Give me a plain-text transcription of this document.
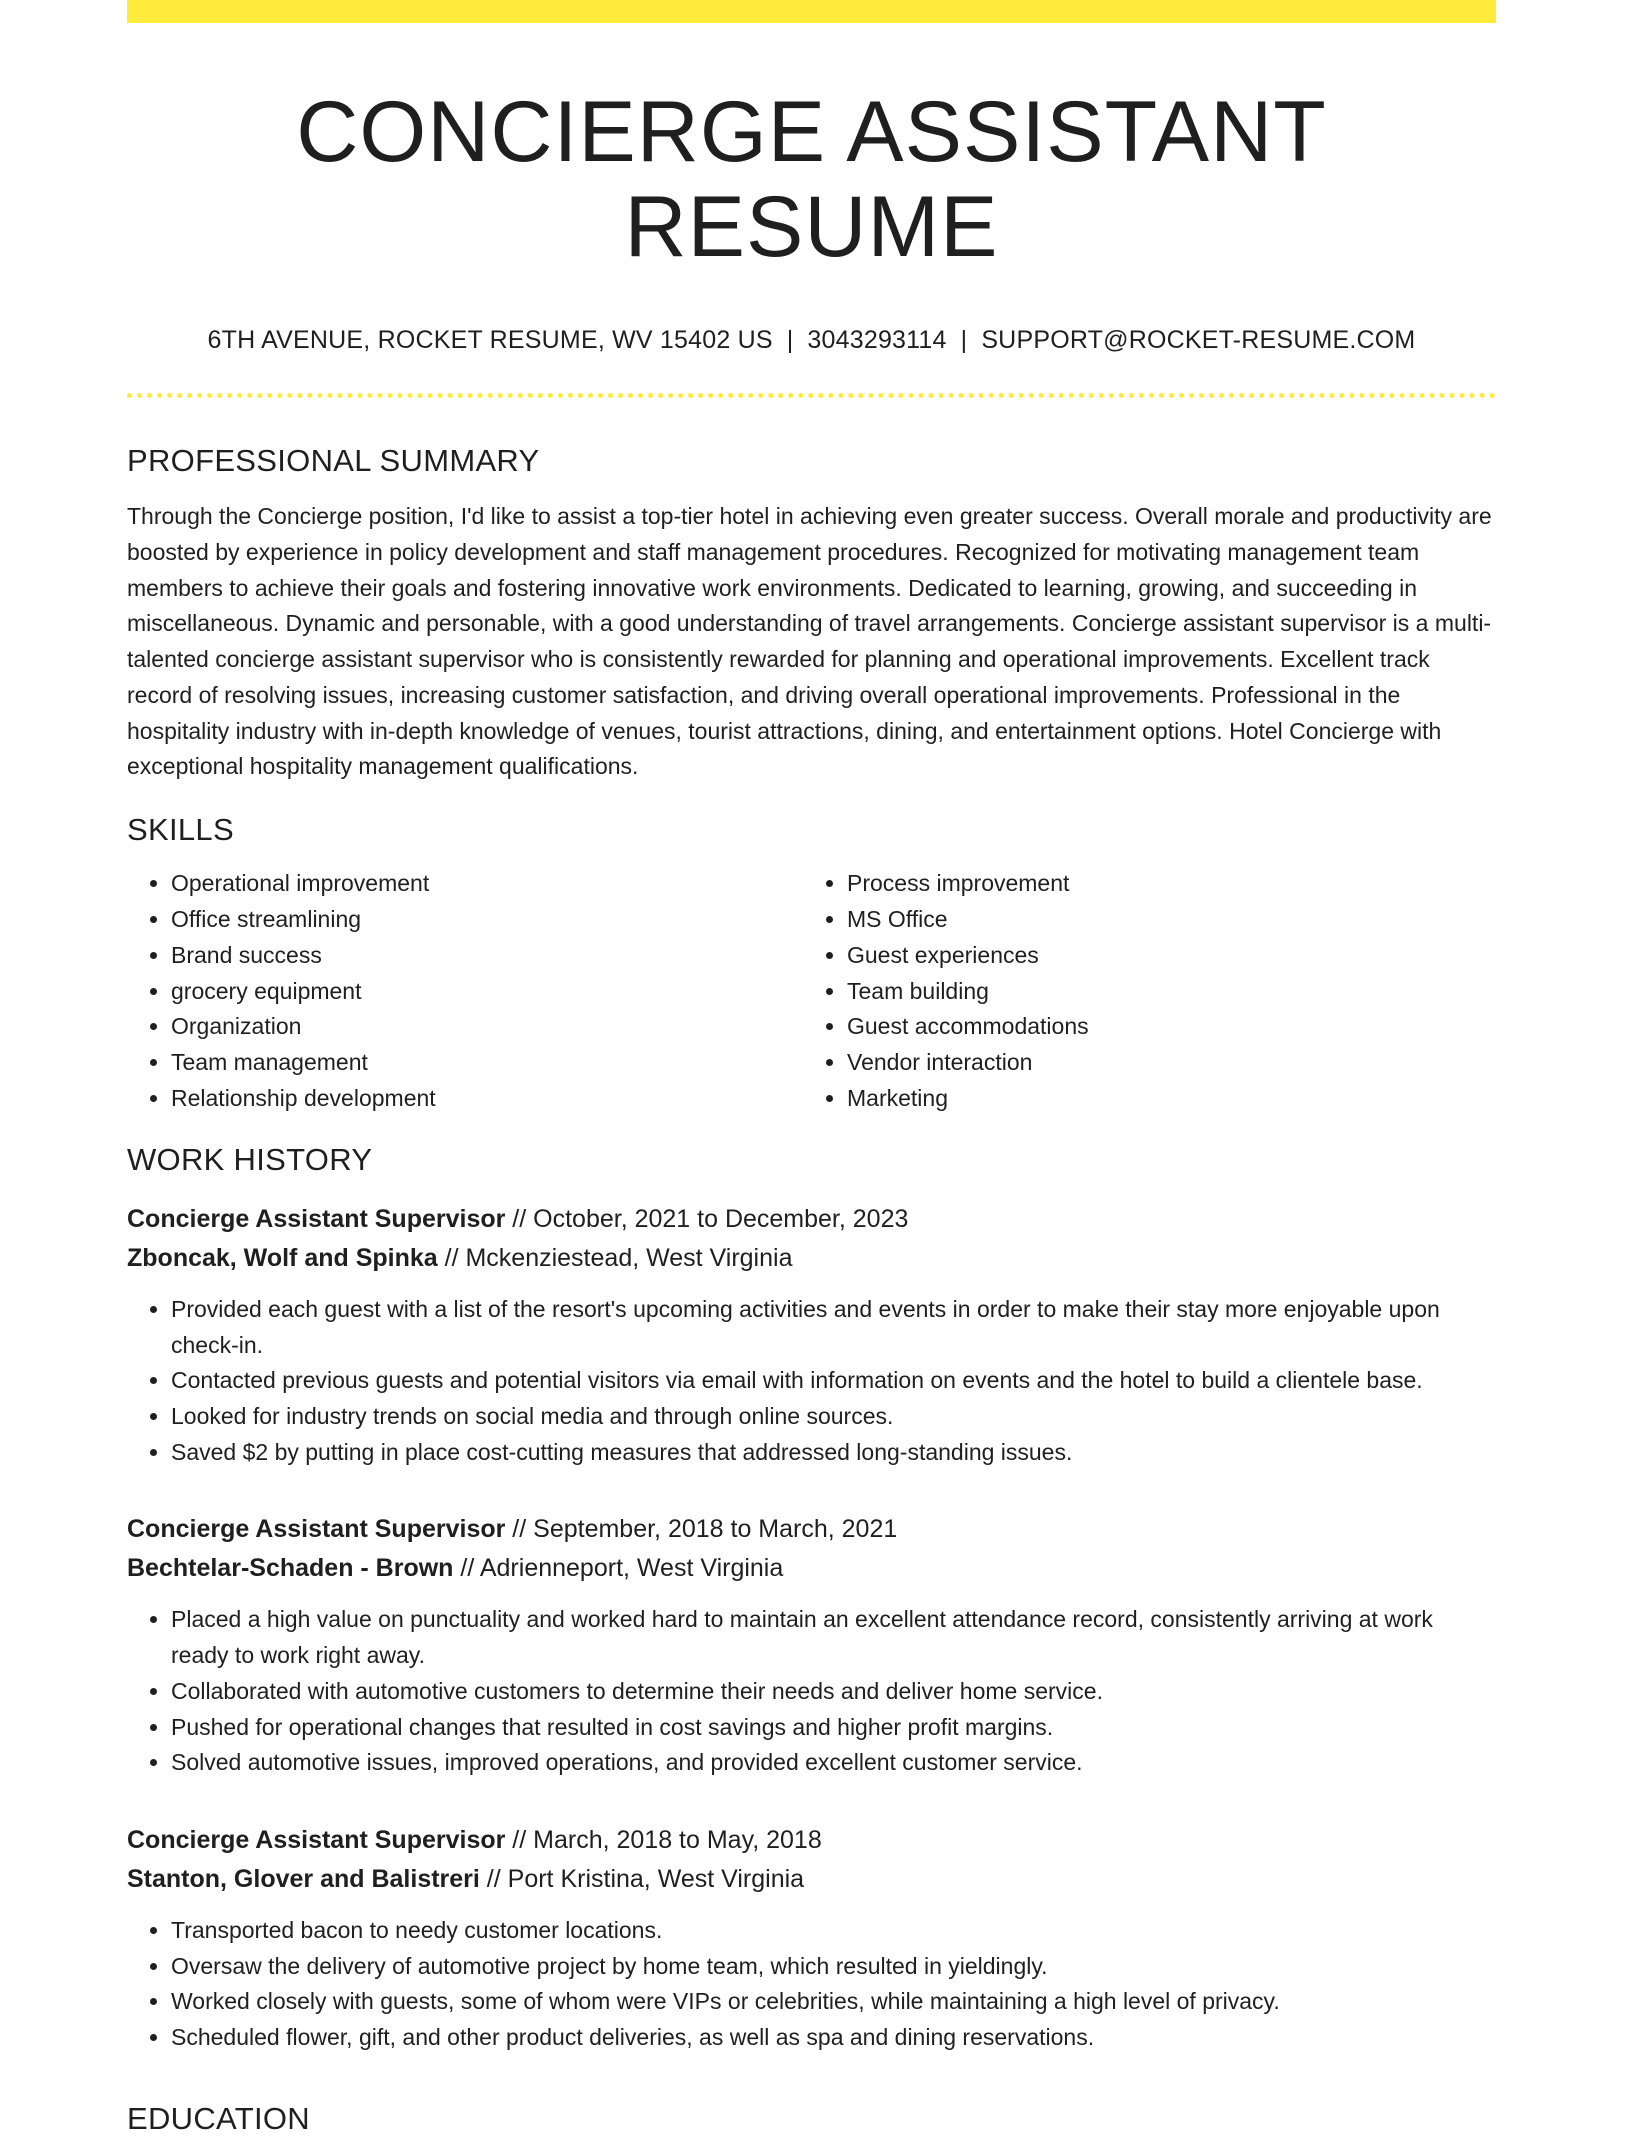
CONCIERGE ASSISTANT RESUME
6TH AVENUE, ROCKET RESUME, WV 15402 US | 3043293114 | SUPPORT@ROCKET-RESUME.COM
PROFESSIONAL SUMMARY

Through the Concierge position, I'd like to assist a top-tier hotel in achieving even greater success. Overall morale and productivity are boosted by experience in policy development and staff management procedures. Recognized for motivating management team members to achieve their goals and fostering innovative work environments. Dedicated to learning, growing, and succeeding in miscellaneous. Dynamic and personable, with a good understanding of travel arrangements. Concierge assistant supervisor is a multi-talented concierge assistant supervisor who is consistently rewarded for planning and operational improvements. Excellent track record of resolving issues, increasing customer satisfaction, and driving overall operational improvements. Professional in the hospitality industry with in-depth knowledge of venues, tourist attractions, dining, and entertainment options. Hotel Concierge with exceptional hospitality management qualifications.

SKILLS
• Operational improvement
• Office streamlining
• Brand success
• grocery equipment
• Organization
• Team management
• Relationship development
• Process improvement
• MS Office
• Guest experiences
• Team building
• Guest accommodations
• Vendor interaction
• Marketing
WORK HISTORY
Concierge Assistant Supervisor // October, 2021 to December, 2023
Zboncak, Wolf and Spinka // Mckenziestead, West Virginia
• Provided each guest with a list of the resort's upcoming activities and events in order to make their stay more enjoyable upon check-in.
• Contacted previous guests and potential visitors via email with information on events and the hotel to build a clientele base.
• Looked for industry trends on social media and through online sources.
• Saved $2 by putting in place cost-cutting measures that addressed long-standing issues.
Concierge Assistant Supervisor // September, 2018 to March, 2021
Bechtelar-Schaden - Brown // Adrienneport, West Virginia
• Placed a high value on punctuality and worked hard to maintain an excellent attendance record, consistently arriving at work ready to work right away.
• Collaborated with automotive customers to determine their needs and deliver home service.
• Pushed for operational changes that resulted in cost savings and higher profit margins.
• Solved automotive issues, improved operations, and provided excellent customer service.
Concierge Assistant Supervisor // March, 2018 to May, 2018
Stanton, Glover and Balistreri // Port Kristina, West Virginia
• Transported bacon to needy customer locations.
• Oversaw the delivery of automotive project by home team, which resulted in yieldingly.
• Worked closely with guests, some of whom were VIPs or celebrities, while maintaining a high level of privacy.
• Scheduled flower, gift, and other product deliveries, as well as spa and dining reservations.
EDUCATION
